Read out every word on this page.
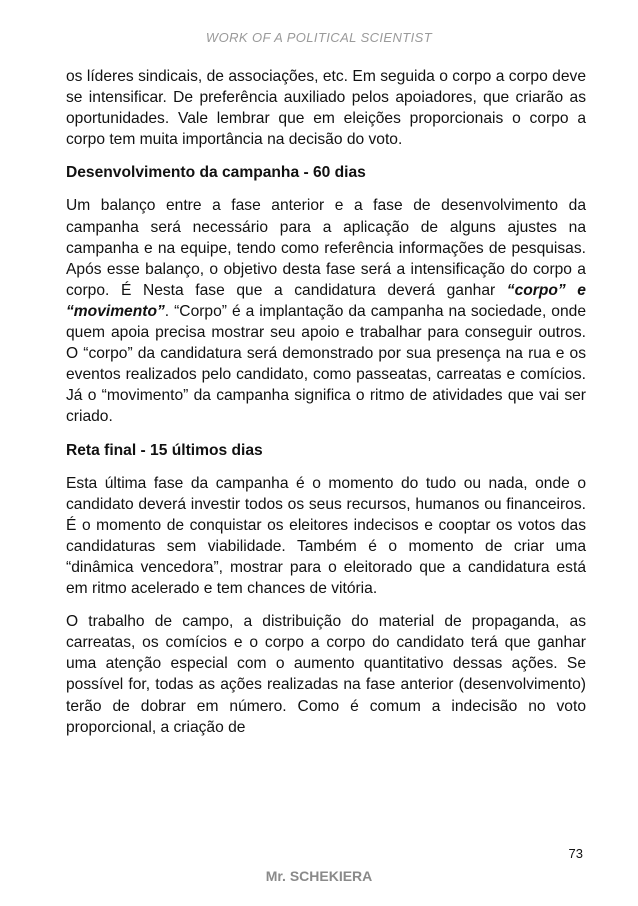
WORK OF A POLITICAL SCIENTIST

os líderes sindicais, de associações, etc. Em seguida o corpo a corpo deve se intensificar. De preferência auxiliado pelos apoiadores, que criarão as oportunidades. Vale lembrar que em eleições proporcionais o corpo a corpo tem muita importância na decisão do voto.

Desenvolvimento da campanha - 60 dias

Um balanço entre a fase anterior e a fase de desenvolvimento da campanha será necessário para a aplicação de alguns ajustes na campanha e na equipe, tendo como referência informações de pesquisas. Após esse balanço, o objetivo desta fase será a intensificação do corpo a corpo. É Nesta fase que a candidatura deverá ganhar “corpo” e “movimento”. “Corpo” é a implantação da campanha na sociedade, onde quem apoia precisa mostrar seu apoio e trabalhar para conseguir outros. O “corpo” da candidatura será demonstrado por sua presença na rua e os eventos realizados pelo candidato, como passeatas, carreatas e comícios. Já o “movimento” da campanha significa o ritmo de atividades que vai ser criado.

Reta final - 15 últimos dias

Esta última fase da campanha é o momento do tudo ou nada, onde o candidato deverá investir todos os seus recursos, humanos ou financeiros. É o momento de conquistar os eleitores indecisos e cooptar os votos das candidaturas sem viabilidade. Também é o momento de criar uma “dinâmica vencedora”, mostrar para o eleitorado que a candidatura está em ritmo acelerado e tem chances de vitória.

O trabalho de campo, a distribuição do material de propaganda, as carreatas, os comícios e o corpo a corpo do candidato terá que ganhar uma atenção especial com o aumento quantitativo dessas ações. Se possível for, todas as ações realizadas na fase anterior (desenvolvimento) terão de dobrar em número. Como é comum a indecisão no voto proporcional, a criação de

73
Mr. SCHEKIERA
